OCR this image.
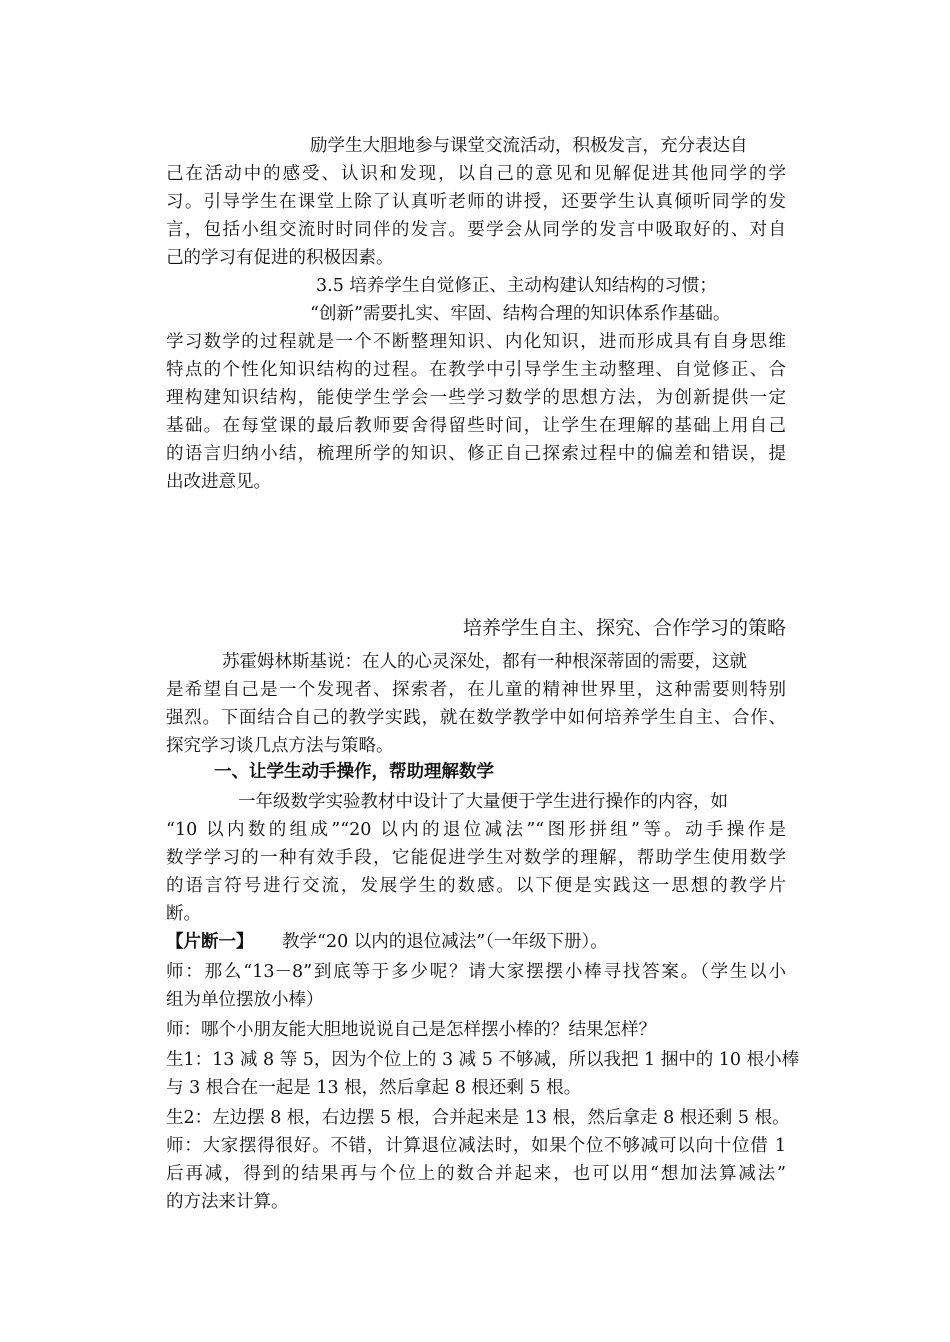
励学生大胆地参与课堂交流活动，积极发言，充分表达自
己在活动中的感受、认识和发现，以自己的意见和见解促进其他同学的学
习。引导学生在课堂上除了认真听老师的讲授，还要学生认真倾听同学的发
言，包括小组交流时时同伴的发言。要学会从同学的发言中吸取好的、对自
己的学习有促进的积极因素。
3.5 培养学生自觉修正、主动构建认知结构的习惯；
“创新”需要扎实、牢固、结构合理的知识体系作基础。
学习数学的过程就是一个不断整理知识、内化知识，进而形成具有自身思维
特点的个性化知识结构的过程。在教学中引导学生主动整理、自觉修正、合
理构建知识结构，能使学生学会一些学习数学的思想方法，为创新提供一定
基础。在每堂课的最后教师要舍得留些时间，让学生在理解的基础上用自己
的语言归纳小结，梳理所学的知识、修正自己探索过程中的偏差和错误，提
出改进意见。
培养学生自主、探究、合作学习的策略
苏霍姆林斯基说：在人的心灵深处，都有一种根深蒂固的需要，这就
是希望自己是一个发现者、探索者，在儿童的精神世界里，这种需要则特别
强烈。下面结合自己的教学实践，就在数学教学中如何培养学生自主、合作、
探究学习谈几点方法与策略。
一、让学生动手操作，帮助理解数学
一年级数学实验教材中设计了大量便于学生进行操作的内容，如
“10 以内数的组成”“20 以内的退位减法”“图形拼组”等。动手操作是
数学学习的一种有效手段，它能促进学生对数学的理解，帮助学生使用数学
的语言符号进行交流，发展学生的数感。以下便是实践这一思想的教学片
断。
【片断一】	教学“20 以内的退位减法”（一年级下册）。
师：那么“13－8”到底等于多少呢？请大家摆摆小棒寻找答案。（学生以小
组为单位摆放小棒）
师：哪个小朋友能大胆地说说自己是怎样摆小棒的？结果怎样？
生1：13 减 8 等 5，因为个位上的 3 减 5 不够减，所以我把 1 捆中的 10 根小棒
与 3 根合在一起是 13 根，然后拿起 8 根还剩 5 根。
生2：左边摆 8 根，右边摆 5 根，合并起来是 13 根，然后拿走 8 根还剩 5 根。
师：大家摆得很好。不错，计算退位减法时，如果个位不够减可以向十位借 1
后再减，得到的结果再与个位上的数合并起来，也可以用“想加法算减法”
的方法来计算。
